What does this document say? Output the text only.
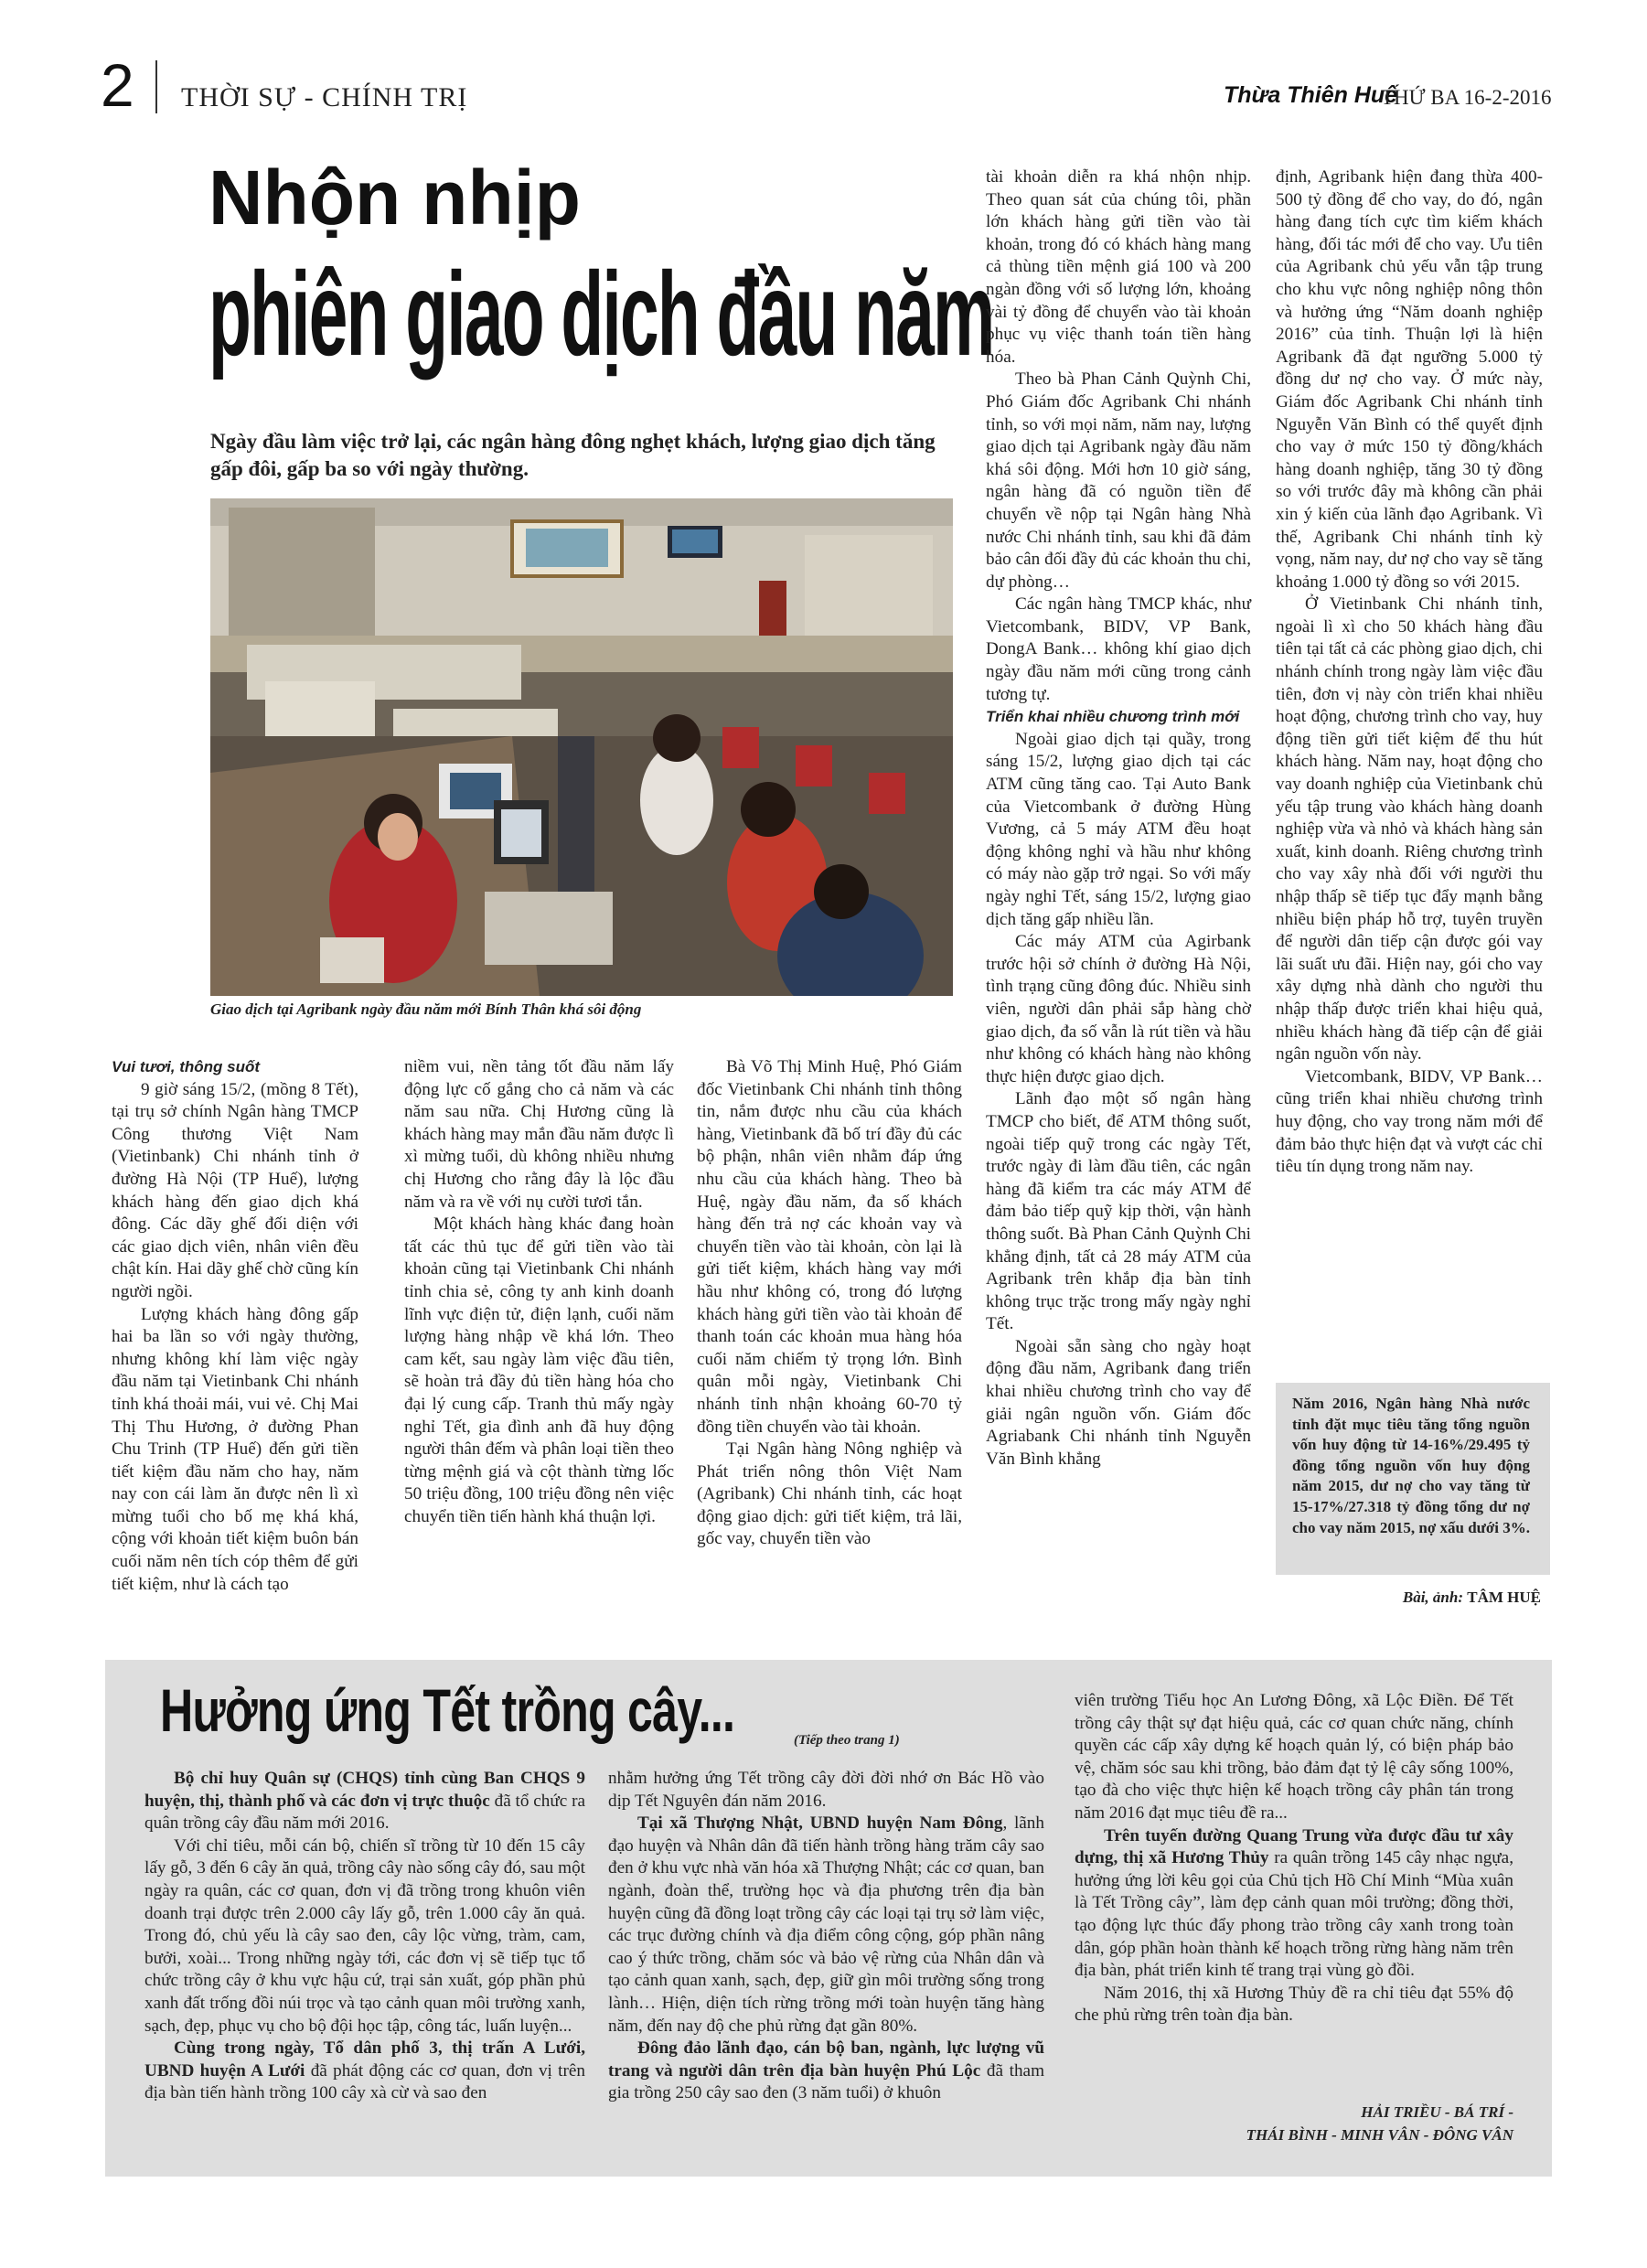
2 THỜI SỰ - CHÍNH TRỊ	Thừa Thiên Huế
THỨ BA 16-2-2016
Nhộn nhịp
phiên giao dịch đầu năm
Ngày đầu làm việc trở lại, các ngân hàng đông nghẹt khách, lượng giao dịch tăng gấp đôi, gấp ba so với ngày thường.
Giao dịch tại Agribank ngày đầu năm mới Bính Thân khá sôi động

Vui tươi, thông suốt

9 giờ sáng 15/2, (mồng 8 Tết), tại trụ sở chính Ngân hàng TMCP Công thương Việt Nam (Vietinbank) Chi nhánh tỉnh ở đường Hà Nội (TP Huế), lượng khách hàng đến giao dịch khá đông. Các dãy ghế đối diện với các giao dịch viên, nhân viên đều chật kín. Hai dãy ghế chờ cũng kín người ngồi.

Lượng khách hàng đông gấp hai ba lần so với ngày thường, nhưng không khí làm việc ngày đầu năm tại Vietinbank Chi nhánh tỉnh khá thoải mái, vui vẻ. Chị Mai Thị Thu Hương, ở đường Phan Chu Trinh (TP Huế) đến gửi tiền tiết kiệm đầu năm cho hay, năm nay con cái làm ăn được nên lì xì mừng tuổi cho bố mẹ khá khá, cộng với khoản tiết kiệm buôn bán cuối năm nên tích cóp thêm để gửi tiết kiệm, như là cách tạo

niềm vui, nền tảng tốt đầu năm lấy động lực cố gắng cho cả năm và các năm sau nữa. Chị Hương cũng là khách hàng may mắn đầu năm được lì xì mừng tuổi, dù không nhiều nhưng chị Hương cho rằng đây là lộc đầu năm và ra về với nụ cười tươi tắn.

Một khách hàng khác đang hoàn tất các thủ tục để gửi tiền vào tài khoản cũng tại Vietinbank Chi nhánh tỉnh chia sẻ, công ty anh kinh doanh lĩnh vực điện tử, điện lạnh, cuối năm lượng hàng nhập về khá lớn. Theo cam kết, sau ngày làm việc đầu tiên, sẽ hoàn trả đầy đủ tiền hàng hóa cho đại lý cung cấp. Tranh thủ mấy ngày nghỉ Tết, gia đình anh đã huy động người thân đếm và phân loại tiền theo từng mệnh giá và cột thành từng lốc 50 triệu đồng, 100 triệu đồng nên việc chuyển tiền tiến hành khá thuận lợi.

Bà Võ Thị Minh Huệ, Phó Giám đốc Vietinbank Chi nhánh tỉnh thông tin, nắm được nhu cầu của khách hàng, Vietinbank đã bố trí đầy đủ các bộ phận, nhân viên nhằm đáp ứng nhu cầu của khách hàng. Theo bà Huệ, ngày đầu năm, đa số khách hàng đến trả nợ các khoản vay và chuyển tiền vào tài khoản, còn lại là gửi tiết kiệm, khách hàng vay mới hầu như không có, trong đó lượng khách hàng gửi tiền vào tài khoản để thanh toán các khoản mua hàng hóa cuối năm chiếm tỷ trọng lớn. Bình quân mỗi ngày, Vietinbank Chi nhánh tỉnh nhận khoảng 60-70 tỷ đồng tiền chuyển vào tài khoản.

Tại Ngân hàng Nông nghiệp và Phát triển nông thôn Việt Nam (Agribank) Chi nhánh tỉnh, các hoạt động giao dịch: gửi tiết kiệm, trả lãi, gốc vay, chuyển tiền vào

tài khoản diễn ra khá nhộn nhịp. Theo quan sát của chúng tôi, phần lớn khách hàng gửi tiền vào tài khoản, trong đó có khách hàng mang cả thùng tiền mệnh giá 100 và 200 ngàn đồng với số lượng lớn, khoảng vài tỷ đồng để chuyển vào tài khoản phục vụ việc thanh toán tiền hàng hóa.

Theo bà Phan Cảnh Quỳnh Chi, Phó Giám đốc Agribank Chi nhánh tỉnh, so với mọi năm, năm nay, lượng giao dịch tại Agribank ngày đầu năm khá sôi động. Mới hơn 10 giờ sáng, ngân hàng đã có nguồn tiền để chuyển về nộp tại Ngân hàng Nhà nước Chi nhánh tỉnh, sau khi đã đảm bảo cân đối đầy đủ các khoản thu chi, dự phòng…

Các ngân hàng TMCP khác, như Vietcombank, BIDV, VP Bank, DongA Bank… không khí giao dịch ngày đầu năm mới cũng trong cảnh tương tự.

Triển khai nhiều chương trình mới

Ngoài giao dịch tại quầy, trong sáng 15/2, lượng giao dịch tại các ATM cũng tăng cao. Tại Auto Bank của Vietcombank ở đường Hùng Vương, cả 5 máy ATM đều hoạt động không nghỉ và hầu như không có máy nào gặp trở ngại. So với mấy ngày nghỉ Tết, sáng 15/2, lượng giao dịch tăng gấp nhiều lần.

Các máy ATM của Agirbank trước hội sở chính ở đường Hà Nội, tình trạng cũng đông đúc. Nhiều sinh viên, người dân phải sắp hàng chờ giao dịch, đa số vẫn là rút tiền và hầu như không có khách hàng nào không thực hiện được giao dịch.

Lãnh đạo một số ngân hàng TMCP cho biết, để ATM thông suốt, ngoài tiếp quỹ trong các ngày Tết, trước ngày đi làm đầu tiên, các ngân hàng đã kiểm tra các máy ATM để đảm bảo tiếp quỹ kịp thời, vận hành thông suốt. Bà Phan Cảnh Quỳnh Chi khẳng định, tất cả 28 máy ATM của Agribank trên khắp địa bàn tỉnh không trục trặc trong mấy ngày nghỉ Tết.

Ngoài sẵn sàng cho ngày hoạt động đầu năm, Agribank đang triển khai nhiều chương trình cho vay để giải ngân nguồn vốn. Giám đốc Agriabank Chi nhánh tỉnh Nguyễn Văn Bình khẳng

định, Agribank hiện đang thừa 400-500 tỷ đồng để cho vay, do đó, ngân hàng đang tích cực tìm kiếm khách hàng, đối tác mới để cho vay. Ưu tiên của Agribank chủ yếu vẫn tập trung cho khu vực nông nghiệp nông thôn và hưởng ứng “Năm doanh nghiệp 2016” của tỉnh. Thuận lợi là hiện Agribank đã đạt ngưỡng 5.000 tỷ đồng dư nợ cho vay. Ở mức này, Giám đốc Agribank Chi nhánh tỉnh Nguyễn Văn Bình có thể quyết định cho vay ở mức 150 tỷ đồng/khách hàng doanh nghiệp, tăng 30 tỷ đồng so với trước đây mà không cần phải xin ý kiến của lãnh đạo Agribank. Vì thế, Agribank Chi nhánh tỉnh kỳ vọng, năm nay, dư nợ cho vay sẽ tăng khoảng 1.000 tỷ đồng so với 2015.

Ở Vietinbank Chi nhánh tỉnh, ngoài lì xì cho 50 khách hàng đầu tiên tại tất cả các phòng giao dịch, chi nhánh chính trong ngày làm việc đầu tiên, đơn vị này còn triển khai nhiều hoạt động, chương trình cho vay, huy động tiền gửi tiết kiệm để thu hút khách hàng. Năm nay, hoạt động cho vay doanh nghiệp của Vietinbank chủ yếu tập trung vào khách hàng doanh nghiệp vừa và nhỏ và khách hàng sản xuất, kinh doanh. Riêng chương trình cho vay xây nhà đối với người thu nhập thấp sẽ tiếp tục đẩy mạnh bằng nhiều biện pháp hỗ trợ, tuyên truyền để người dân tiếp cận được gói vay lãi suất ưu đãi. Hiện nay, gói cho vay xây dựng nhà dành cho người thu nhập thấp được triển khai hiệu quả, nhiều khách hàng đã tiếp cận để giải ngân nguồn vốn này.

Vietcombank, BIDV, VP Bank… cũng triển khai nhiều chương trình huy động, cho vay trong năm mới để đảm bảo thực hiện đạt và vượt các chỉ tiêu tín dụng trong năm nay.

Năm 2016, Ngân hàng Nhà nước tỉnh đặt mục tiêu tăng tổng nguồn vốn huy động từ 14-16%/29.495 tỷ đồng tổng nguồn vốn huy động năm 2015, dư nợ cho vay tăng từ 15-17%/27.318 tỷ đồng tổng dư nợ cho vay năm 2015, nợ xấu dưới 3%.
Bài, ảnh: TÂM HUỆ
Hưởng ứng Tết trồng cây...	(Tiếp theo trang 1)

Bộ chỉ huy Quân sự (CHQS) tỉnh cùng Ban CHQS 9 huyện, thị, thành phố và các đơn vị trực thuộc đã tổ chức ra quân trồng cây đầu năm mới 2016.

Với chỉ tiêu, mỗi cán bộ, chiến sĩ trồng từ 10 đến 15 cây lấy gỗ, 3 đến 6 cây ăn quả, trồng cây nào sống cây đó, sau một ngày ra quân, các cơ quan, đơn vị đã trồng trong khuôn viên doanh trại được trên 2.000 cây lấy gỗ, trên 1.000 cây ăn quả. Trong đó, chủ yếu là cây sao đen, cây lộc vừng, tràm, cam, bưởi, xoài... Trong những ngày tới, các đơn vị sẽ tiếp tục tổ chức trồng cây ở khu vực hậu cứ, trại sản xuất, góp phần phủ xanh đất trống đồi núi trọc và tạo cảnh quan môi trường xanh, sạch, đẹp, phục vụ cho bộ đội học tập, công tác, luấn luyện...

Cùng trong ngày, Tổ dân phố 3, thị trấn A Lưới, UBND huyện A Lưới đã phát động các cơ quan, đơn vị trên địa bàn tiến hành trồng 100 cây xà cừ và sao đen

nhằm hưởng ứng Tết trồng cây đời đời nhớ ơn Bác Hồ vào dịp Tết Nguyên đán năm 2016.

Tại xã Thượng Nhật, UBND huyện Nam Đông, lãnh đạo huyện và Nhân dân đã tiến hành trồng hàng trăm cây sao đen ở khu vực nhà văn hóa xã Thượng Nhật; các cơ quan, ban ngành, đoàn thể, trường học và địa phương trên địa bàn huyện cũng đã đồng loạt trồng cây các loại tại trụ sở làm việc, các trục đường chính và địa điểm công cộng, góp phần nâng cao ý thức trồng, chăm sóc và bảo vệ rừng của Nhân dân và tạo cảnh quan xanh, sạch, đẹp, giữ gìn môi trường sống trong lành… Hiện, diện tích rừng trồng mới toàn huyện tăng hàng năm, đến nay độ che phủ rừng đạt gần 80%.

Đông đảo lãnh đạo, cán bộ ban, ngành, lực lượng vũ trang và người dân trên địa bàn huyện Phú Lộc đã tham gia trồng 250 cây sao đen (3 năm tuổi) ở khuôn

viên trường Tiểu học An Lương Đông, xã Lộc Điền. Để Tết trồng cây thật sự đạt hiệu quả, các cơ quan chức năng, chính quyền các cấp xây dựng kế hoạch quản lý, có biện pháp bảo vệ, chăm sóc sau khi trồng, bảo đảm đạt tỷ lệ cây sống 100%, tạo đà cho việc thực hiện kế hoạch trồng cây phân tán trong năm 2016 đạt mục tiêu đề ra...

Trên tuyến đường Quang Trung vừa được đầu tư xây dựng, thị xã Hương Thủy ra quân trồng 145 cây nhạc ngựa, hưởng ứng lời kêu gọi của Chủ tịch Hồ Chí Minh “Mùa xuân là Tết Trồng cây”, làm đẹp cảnh quan môi trường; đồng thời, tạo động lực thúc đẩy phong trào trồng cây xanh trong toàn dân, góp phần hoàn thành kế hoạch trồng rừng hàng năm trên địa bàn, phát triển kinh tế trang trại vùng gò đồi.

Năm 2016, thị xã Hương Thủy đề ra chỉ tiêu đạt 55% độ che phủ rừng trên toàn địa bàn.

HẢI TRIỀU - BÁ TRÍ -
THÁI BÌNH - MINH VÂN - ĐÔNG VÂN
